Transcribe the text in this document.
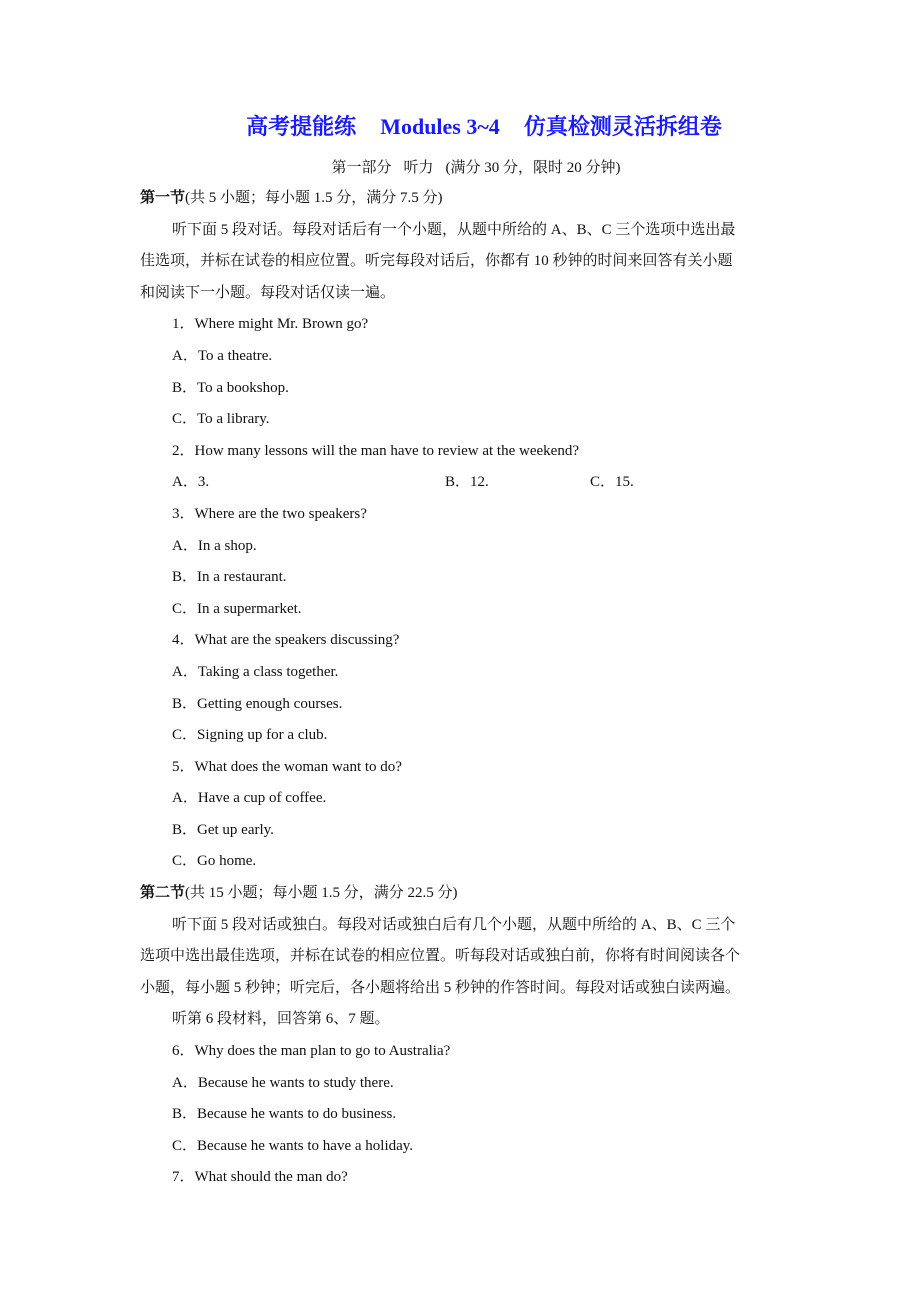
高考提能练 Modules 3~4 仿真检测灵活拆组卷
第一部分 听力 (满分 30 分，限时 20 分钟)
第一节(共 5 小题；每小题 1.5 分，满分 7.5 分)
听下面 5 段对话。每段对话后有一个小题，从题中所给的 A、B、C 三个选项中选出最
佳选项，并标在试卷的相应位置。听完每段对话后，你都有 10 秒钟的时间来回答有关小题
和阅读下一小题。每段对话仅读一遍。
1．Where might Mr. Brown go?
A．To a theatre.
B．To a bookshop.
C．To a library.
2．How many lessons will the man have to review at the weekend?
A．3.	B．12.	C．15.
3．Where are the two speakers?
A．In a shop.
B．In a restaurant.
C．In a supermarket.
4．What are the speakers discussing?
A．Taking a class together.
B．Getting enough courses.
C．Signing up for a club.
5．What does the woman want to do?
A．Have a cup of coffee.
B．Get up early.
C．Go home.
第二节(共 15 小题；每小题 1.5 分，满分 22.5 分)
听下面 5 段对话或独白。每段对话或独白后有几个小题，从题中所给的 A、B、C 三个
选项中选出最佳选项，并标在试卷的相应位置。听每段对话或独白前，你将有时间阅读各个
小题，每小题 5 秒钟；听完后，各小题将给出 5 秒钟的作答时间。每段对话或独白读两遍。
听第 6 段材料，回答第 6、7 题。
6．Why does the man plan to go to Australia?
A．Because he wants to study there.
B．Because he wants to do business.
C．Because he wants to have a holiday.
7．What should the man do?
